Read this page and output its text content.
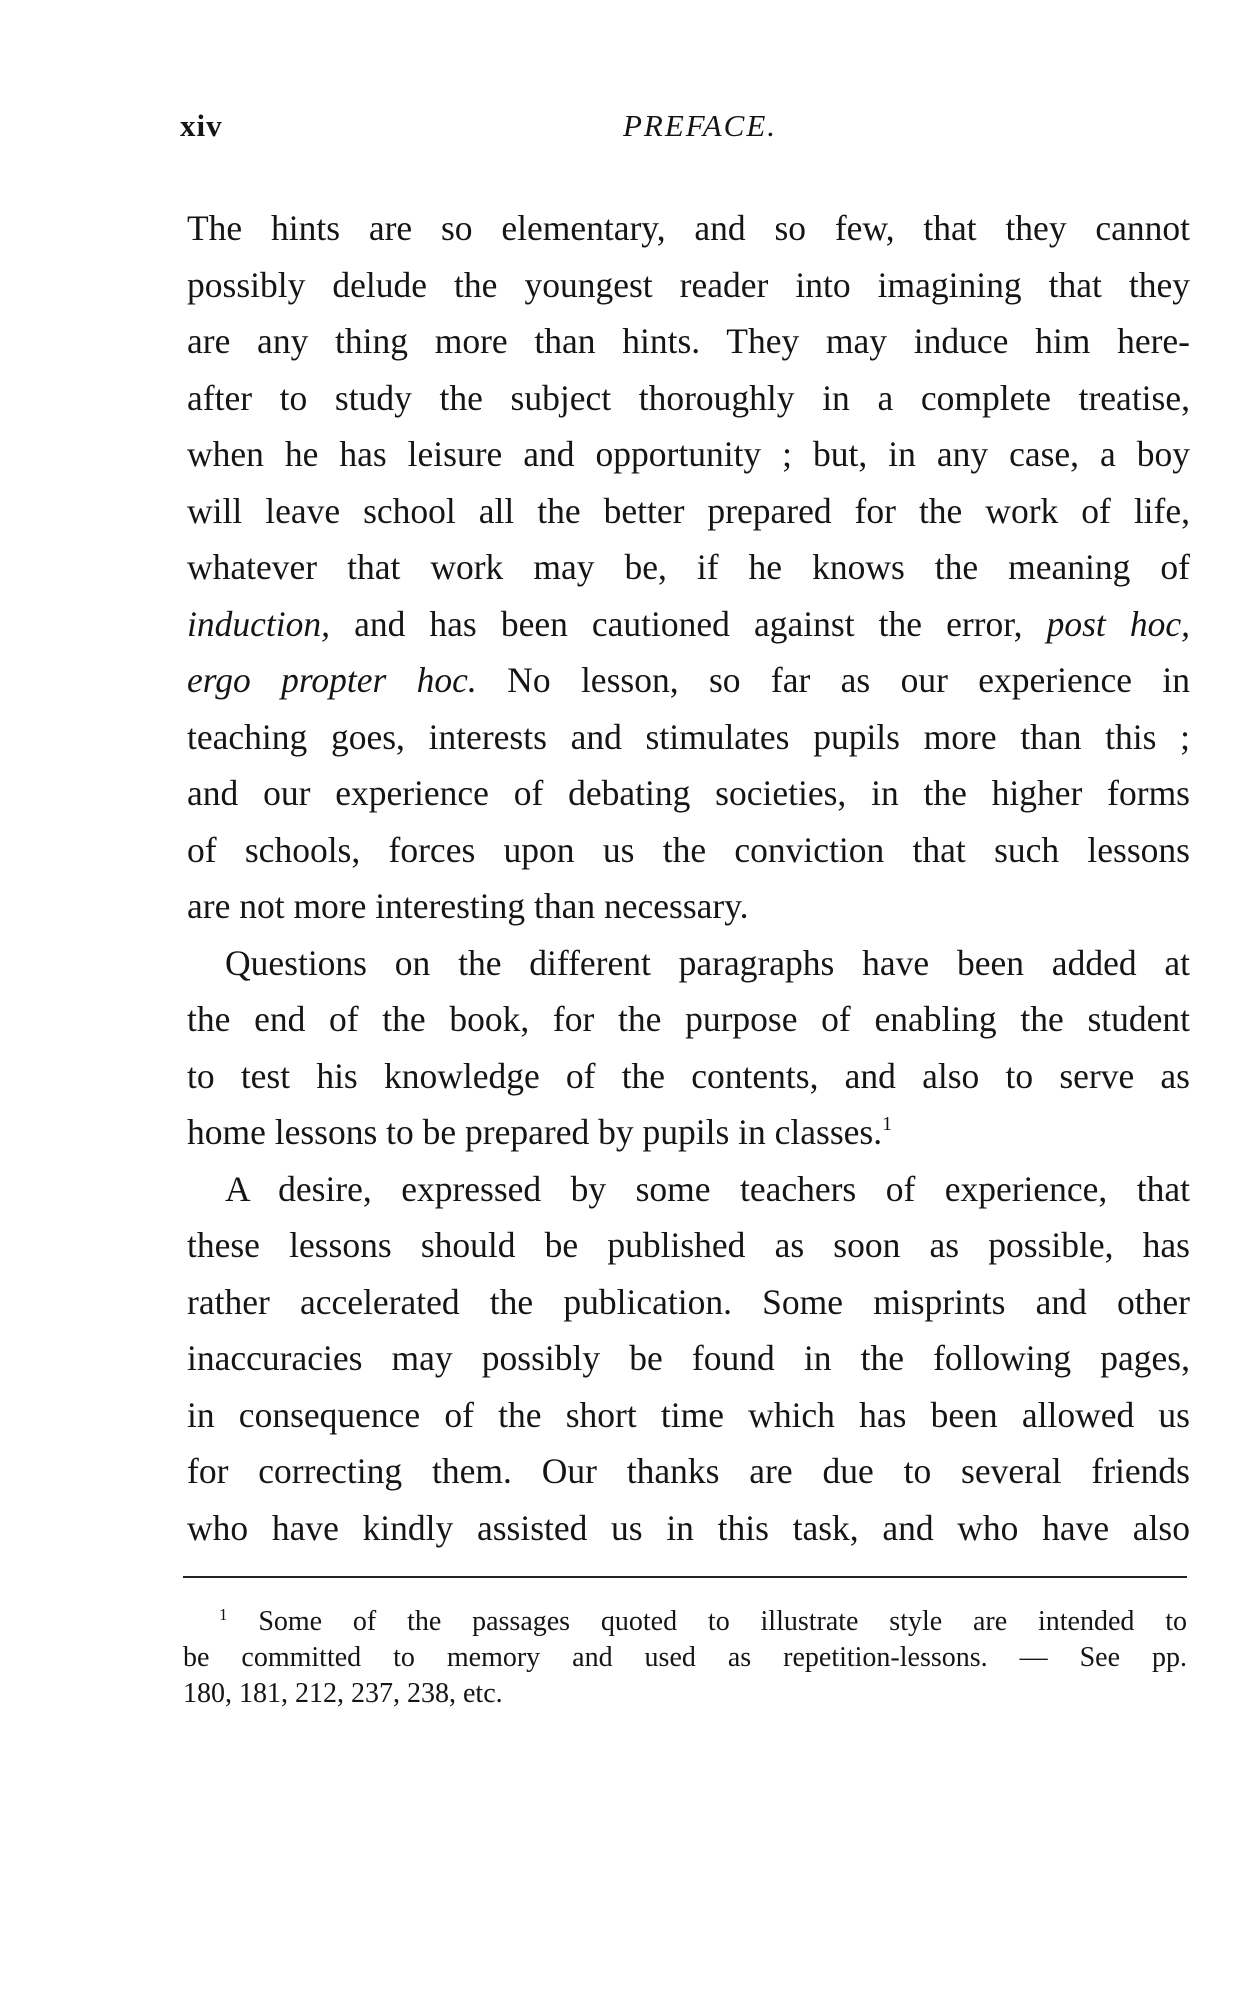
xiv	PREFACE.
The hints are so elementary, and so few, that they cannot
possibly delude the youngest reader into imagining that they
are any thing more than hints. They may induce him here-
after to study the subject thoroughly in a complete treatise,
when he has leisure and opportunity ; but, in any case, a boy
will leave school all the better prepared for the work of life,
whatever that work may be, if he knows the meaning of
induction, and has been cautioned against the error, post hoc,
ergo propter hoc. No lesson, so far as our experience in
teaching goes, interests and stimulates pupils more than this ;
and our experience of debating societies, in the higher forms
of schools, forces upon us the conviction that such lessons
are not more interesting than necessary.
Questions on the different paragraphs have been added at
the end of the book, for the purpose of enabling the student
to test his knowledge of the contents, and also to serve as
home lessons to be prepared by pupils in classes.$^1$
A desire, expressed by some teachers of experience, that
these lessons should be published as soon as possible, has
rather accelerated the publication. Some misprints and other
inaccuracies may possibly be found in the following pages,
in consequence of the short time which has been allowed us
for correcting them. Our thanks are due to several friends
who have kindly assisted us in this task, and who have also
$^1$ Some of the passages quoted to illustrate style are intended to
be committed to memory and used as repetition-lessons. — See pp.
180, 181, 212, 237, 238, etc.
